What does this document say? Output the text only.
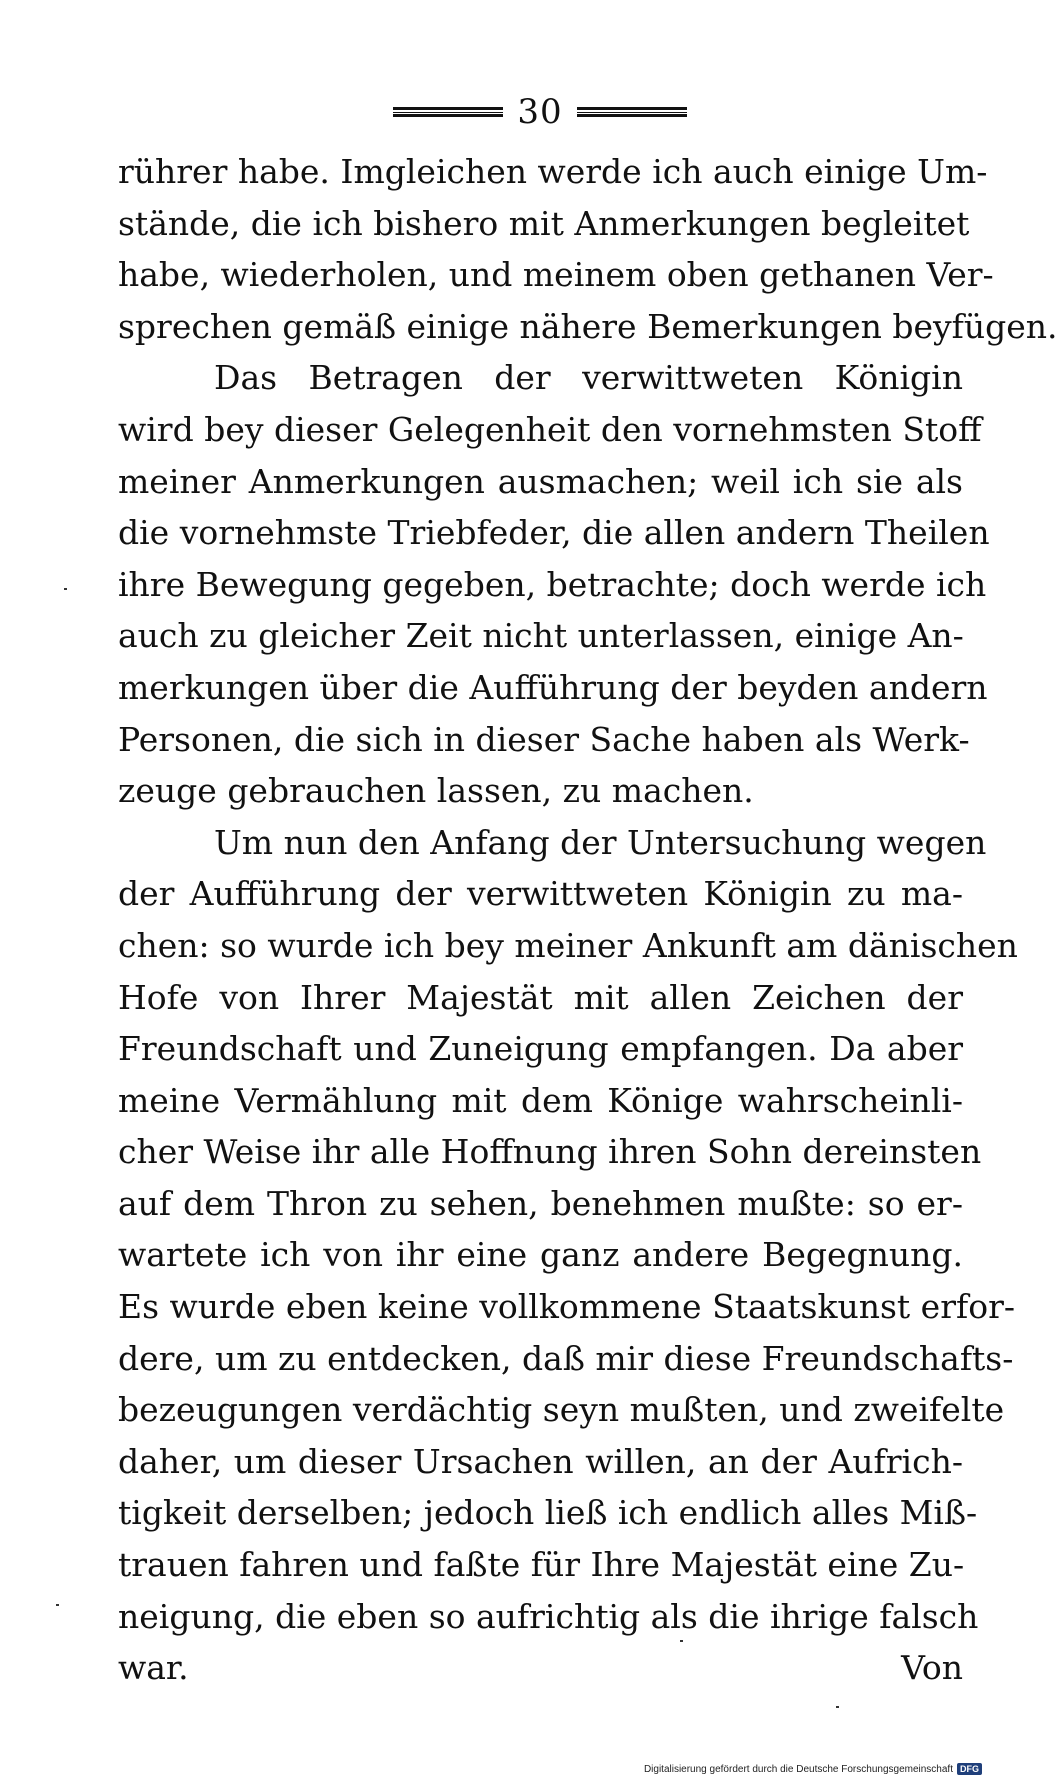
30
rührer habe. Imgleichen werde ich auch einige Um-
stände, die ich bishero mit Anmerkungen begleitet
habe, wiederholen, und meinem oben gethanen Ver-
sprechen gemäß einige nähere Bemerkungen beyfügen.
Das Betragen der verwittweten Königin
wird bey dieser Gelegenheit den vornehmsten Stoff
meiner Anmerkungen ausmachen; weil ich sie als
die vornehmste Triebfeder, die allen andern Theilen
ihre Bewegung gegeben, betrachte; doch werde ich
auch zu gleicher Zeit nicht unterlassen, einige An-
merkungen über die Aufführung der beyden andern
Personen, die sich in dieser Sache haben als Werk-
zeuge gebrauchen lassen, zu machen.
Um nun den Anfang der Untersuchung wegen
der Aufführung der verwittweten Königin zu ma-
chen: so wurde ich bey meiner Ankunft am dänischen
Hofe von Ihrer Majestät mit allen Zeichen der
Freundschaft und Zuneigung empfangen. Da aber
meine Vermählung mit dem Könige wahrscheinli-
cher Weise ihr alle Hoffnung ihren Sohn dereinsten
auf dem Thron zu sehen, benehmen mußte: so er-
wartete ich von ihr eine ganz andere Begegnung.
Es wurde eben keine vollkommene Staatskunst erfor-
dere, um zu entdecken, daß mir diese Freundschafts-
bezeugungen verdächtig seyn mußten, und zweifelte
daher, um dieser Ursachen willen, an der Aufrich-
tigkeit derselben; jedoch ließ ich endlich alles Miß-
trauen fahren und faßte für Ihre Majestät eine Zu-
neigung, die eben so aufrichtig als die ihrige falsch
war.	Von
Digitalisierung gefördert durch die Deutsche Forschungsgemeinschaft DFG
